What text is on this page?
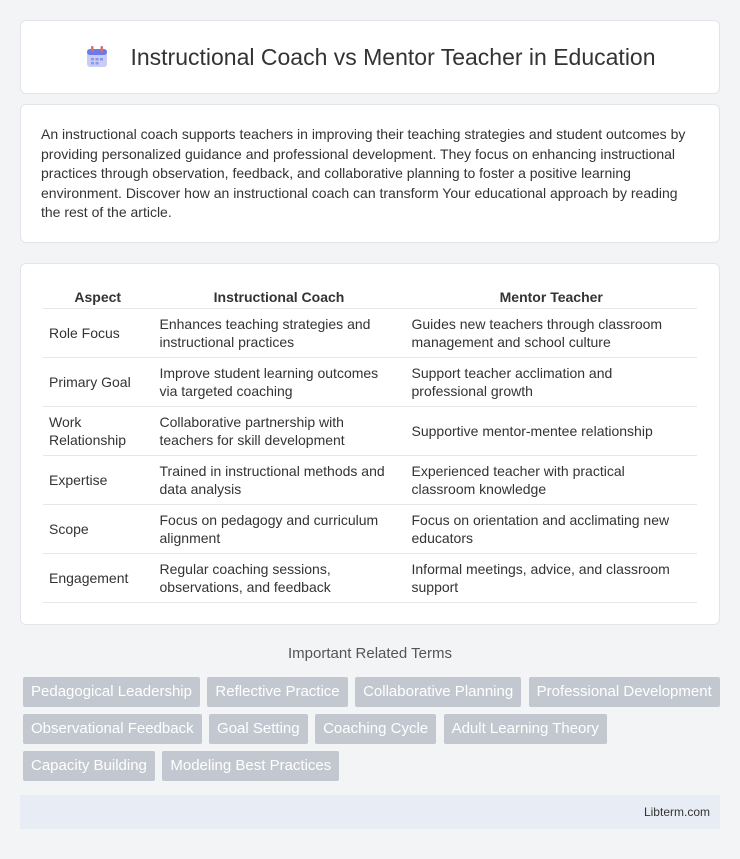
Instructional Coach vs Mentor Teacher in Education

An instructional coach supports teachers in improving their teaching strategies and student outcomes by providing personalized guidance and professional development. They focus on enhancing instructional practices through observation, feedback, and collaborative planning to foster a positive learning environment. Discover how an instructional coach can transform Your educational approach by reading the rest of the article.

Aspect	Instructional Coach	Mentor Teacher
Role Focus	Enhances teaching strategies and instructional practices	Guides new teachers through classroom management and school culture
Primary Goal	Improve student learning outcomes via targeted coaching	Support teacher acclimation and professional growth
Work Relationship	Collaborative partnership with teachers for skill development	Supportive mentor-mentee relationship
Expertise	Trained in instructional methods and data analysis	Experienced teacher with practical classroom knowledge
Scope	Focus on pedagogy and curriculum alignment	Focus on orientation and acclimating new educators
Engagement	Regular coaching sessions, observations, and feedback	Informal meetings, advice, and classroom support
Important Related Terms
Pedagogical Leadership Reflective Practice Collaborative Planning Professional Development Observational Feedback Goal Setting Coaching Cycle Adult Learning Theory Capacity Building Modeling Best Practices
Libterm.com
